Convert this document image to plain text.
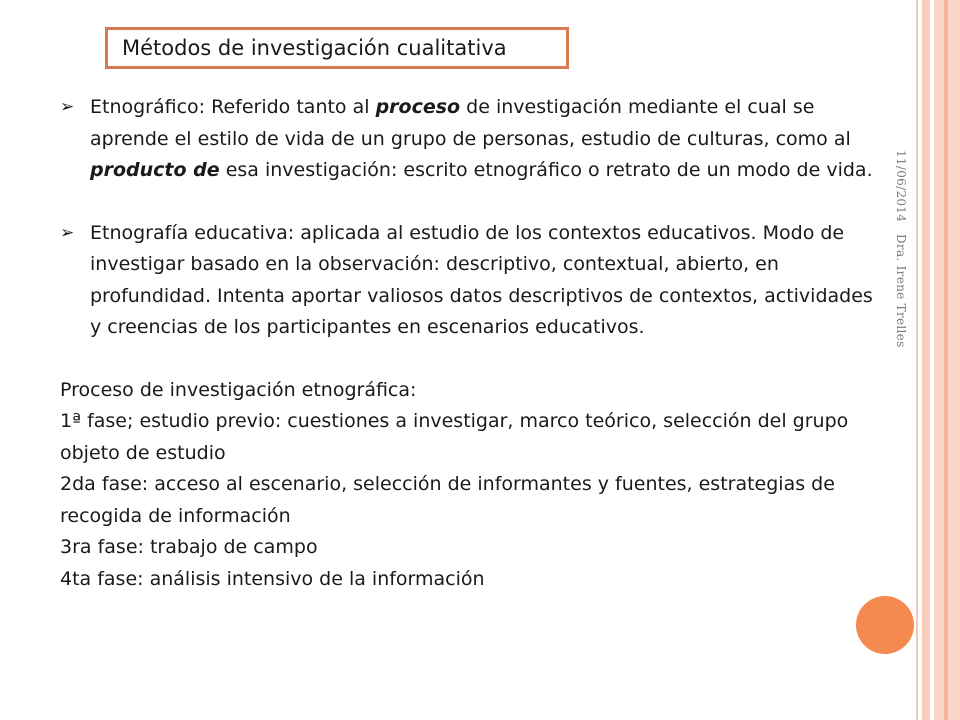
11/06/2014Dra. Irene Trelles
Métodos de investigación cualitativa
➢ Etnográfico: Referido tanto al proceso de investigación mediante el cual se aprende el estilo de vida de un grupo de personas, estudio de culturas, como al producto de esa investigación: escrito etnográfico o retrato de un modo de vida.

➢ Etnografía educativa: aplicada al estudio de los contextos educativos. Modo de investigar basado en la observación: descriptivo, contextual, abierto, en profundidad. Intenta aportar valiosos datos descriptivos de contextos, actividades y creencias de los participantes en escenarios educativos.

Proceso de investigación etnográfica:

1ª fase; estudio previo: cuestiones a investigar, marco teórico, selección del grupo objeto de estudio

2da fase: acceso al escenario, selección de informantes y fuentes, estrategias de recogida de información

3ra fase: trabajo de campo

4ta fase: análisis intensivo de la información
